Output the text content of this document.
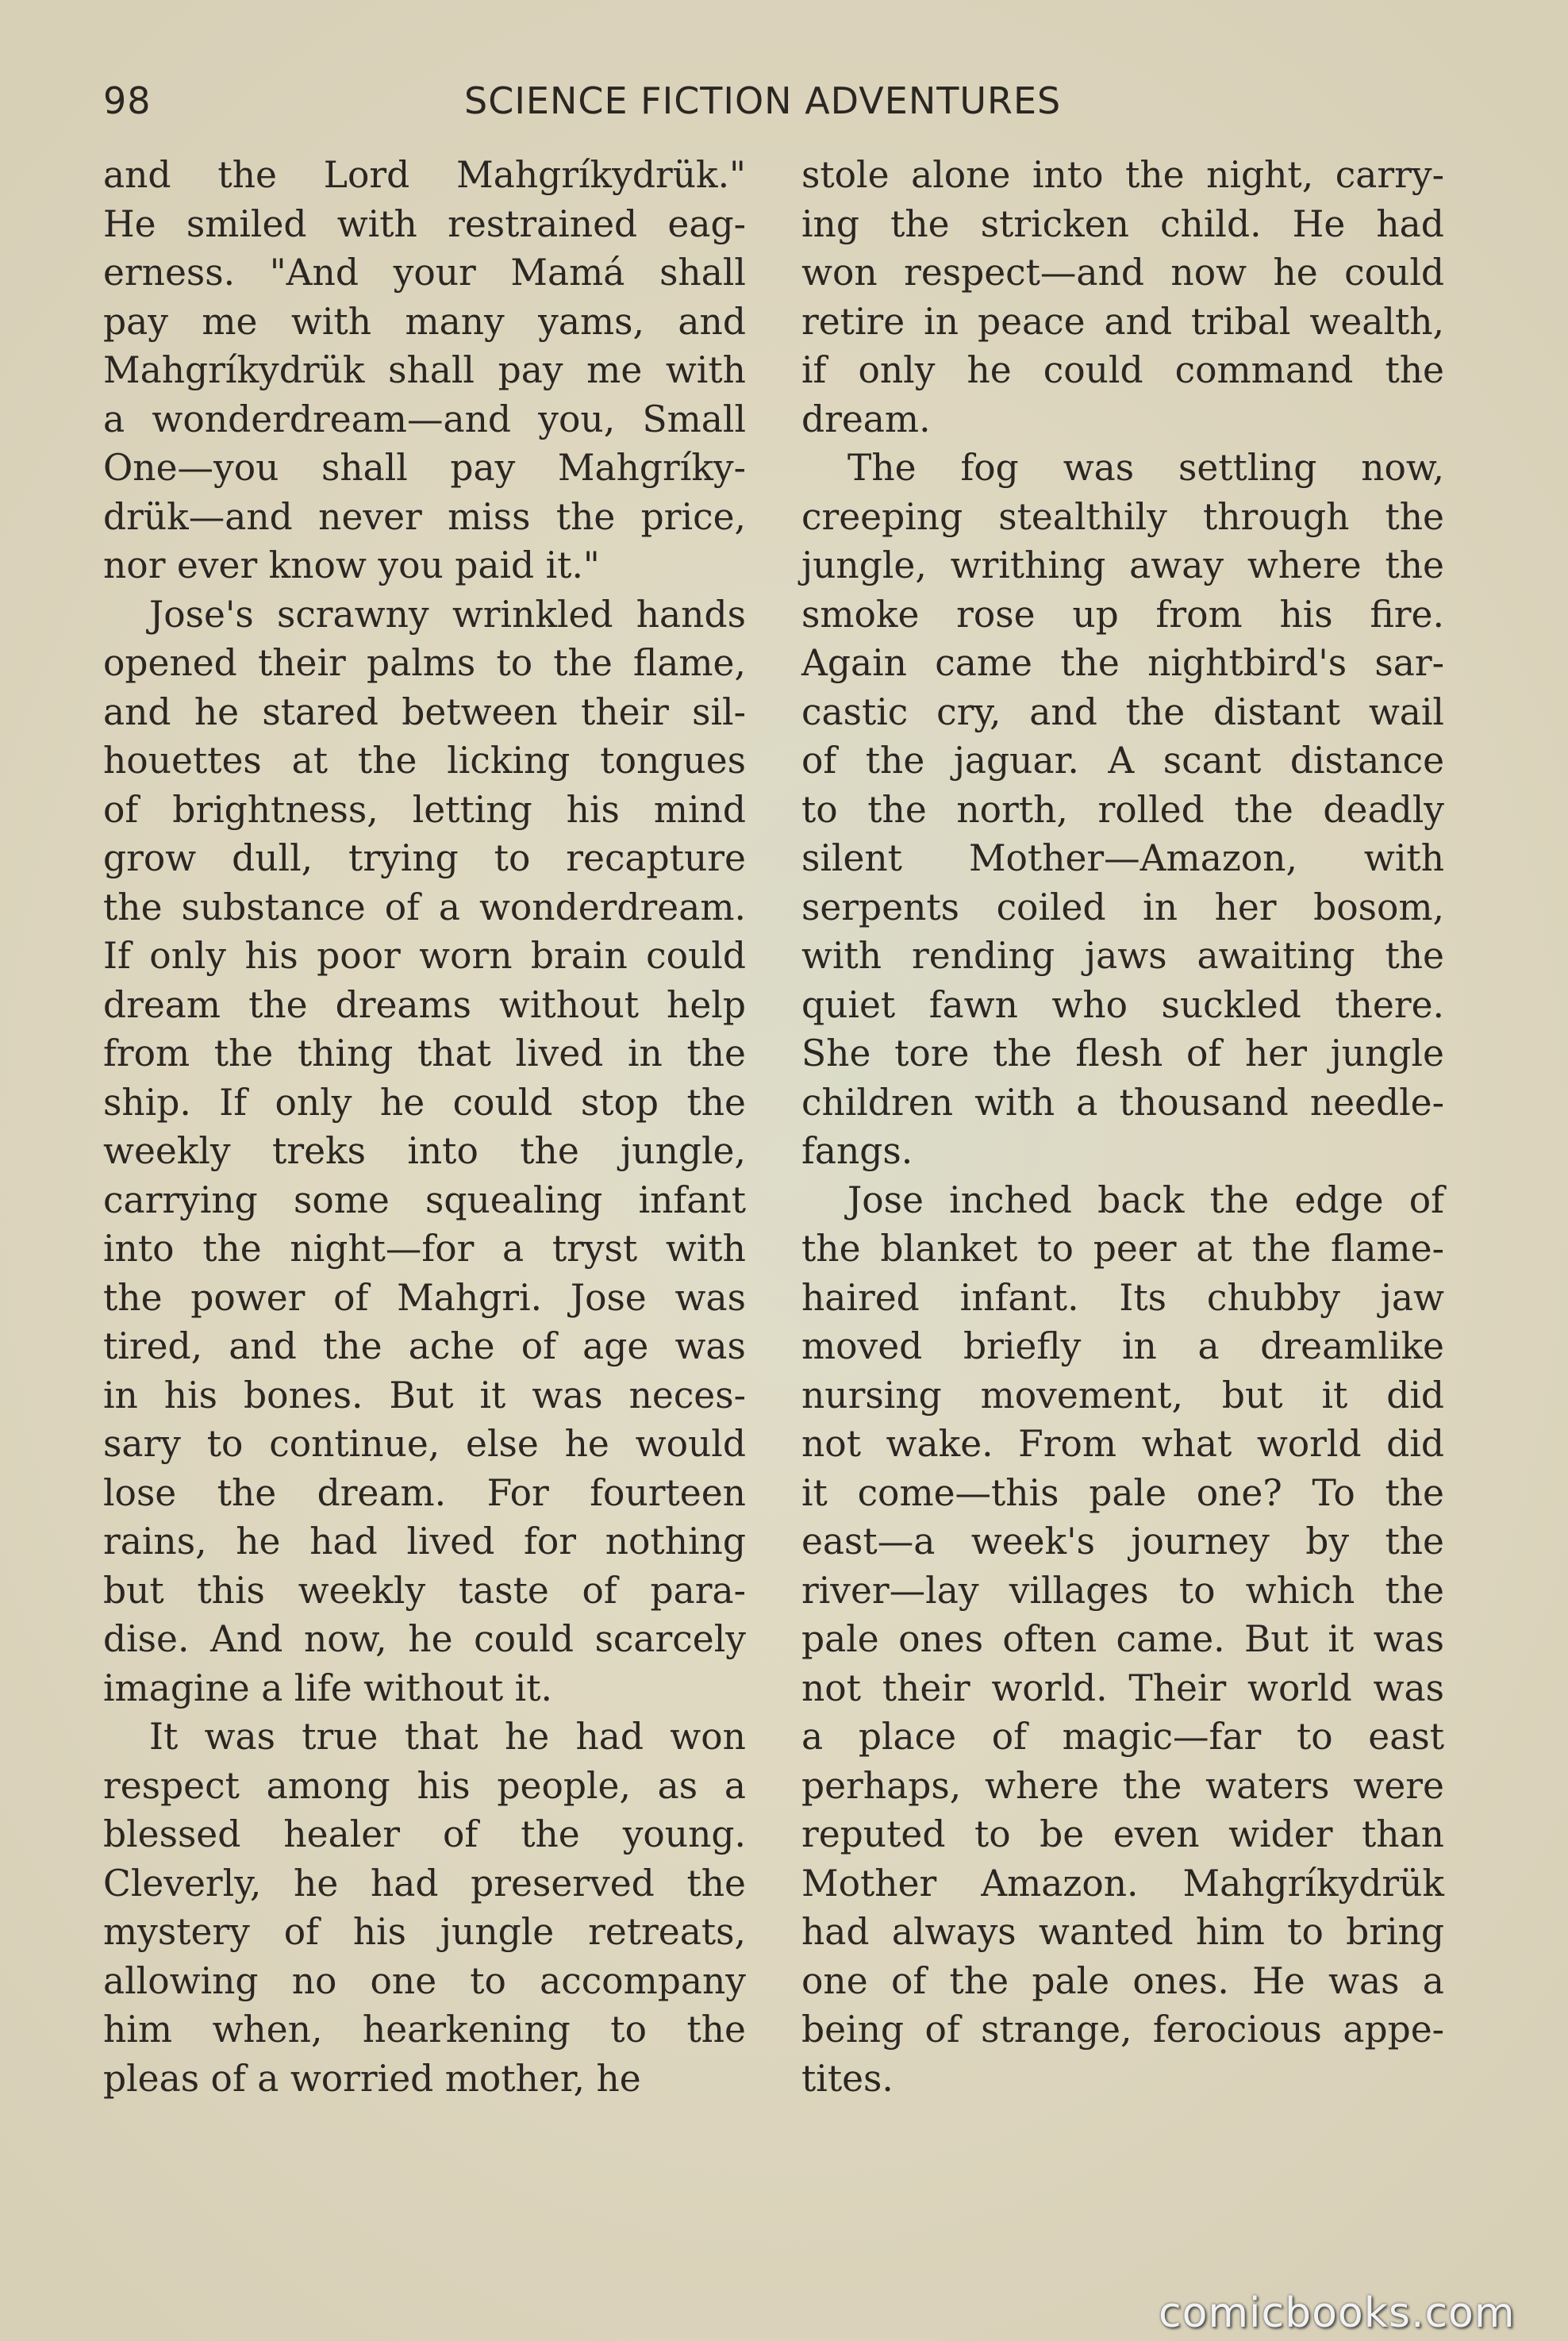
98	SCIENCE FICTION ADVENTURES
and the Lord Mahgríkydrük."
He smiled with restrained eag-
erness. "And your Mamá shall
pay me with many yams, and
Mahgríkydrük shall pay me with
a wonderdream—and you, Small
One—you shall pay Mahgríky-
drük—and never miss the price,
nor ever know you paid it."
Jose's scrawny wrinkled hands
opened their palms to the flame,
and he stared between their sil-
houettes at the licking tongues
of brightness, letting his mind
grow dull, trying to recapture
the substance of a wonderdream.
If only his poor worn brain could
dream the dreams without help
from the thing that lived in the
ship. If only he could stop the
weekly treks into the jungle,
carrying some squealing infant
into the night—for a tryst with
the power of Mahgri. Jose was
tired, and the ache of age was
in his bones. But it was neces-
sary to continue, else he would
lose the dream. For fourteen
rains, he had lived for nothing
but this weekly taste of para-
dise. And now, he could scarcely
imagine a life without it.
It was true that he had won
respect among his people, as a
blessed healer of the young.
Cleverly, he had preserved the
mystery of his jungle retreats,
allowing no one to accompany
him when, hearkening to the
pleas of a worried mother, he
stole alone into the night, carry-
ing the stricken child. He had
won respect—and now he could
retire in peace and tribal wealth,
if only he could command the
dream.
The fog was settling now,
creeping stealthily through the
jungle, writhing away where the
smoke rose up from his fire.
Again came the nightbird's sar-
castic cry, and the distant wail
of the jaguar. A scant distance
to the north, rolled the deadly
silent Mother—Amazon, with
serpents coiled in her bosom,
with rending jaws awaiting the
quiet fawn who suckled there.
She tore the flesh of her jungle
children with a thousand needle-
fangs.
Jose inched back the edge of
the blanket to peer at the flame-
haired infant. Its chubby jaw
moved briefly in a dreamlike
nursing movement, but it did
not wake. From what world did
it come—this pale one? To the
east—a week's journey by the
river—lay villages to which the
pale ones often came. But it was
not their world. Their world was
a place of magic—far to east
perhaps, where the waters were
reputed to be even wider than
Mother Amazon. Mahgríkydrük
had always wanted him to bring
one of the pale ones. He was a
being of strange, ferocious appe-
tites.
comicbooks.com
